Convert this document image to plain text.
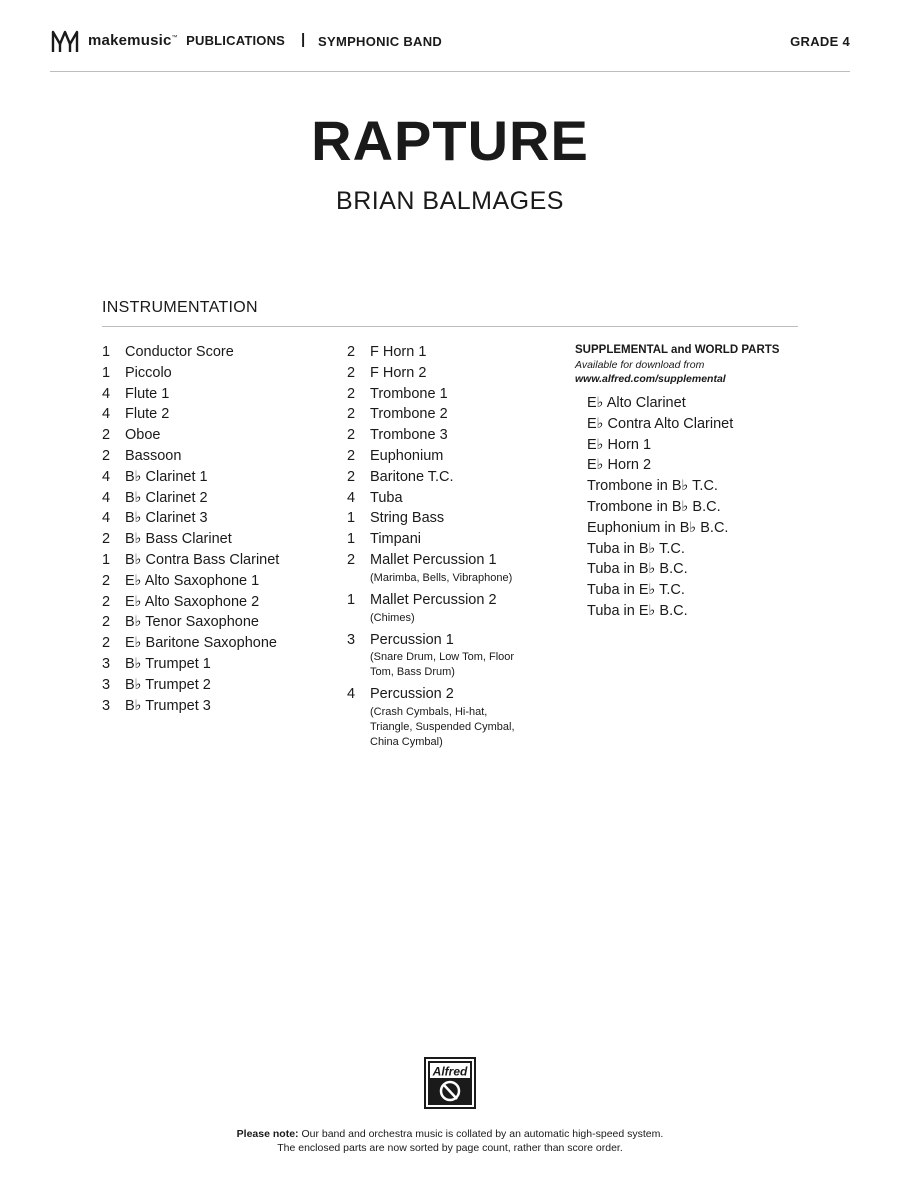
makemusic™ PUBLICATIONS | SYMPHONIC BAND	GRADE 4
RAPTURE
BRIAN BALMAGES
INSTRUMENTATION
1	Conductor Score
1	Piccolo
4	Flute 1
4	Flute 2
2	Oboe
2	Bassoon
4	B♭ Clarinet 1
4	B♭ Clarinet 2
4	B♭ Clarinet 3
2	B♭ Bass Clarinet
1	B♭ Contra Bass Clarinet
2	E♭ Alto Saxophone 1
2	E♭ Alto Saxophone 2
2	B♭ Tenor Saxophone
2	E♭ Baritone Saxophone
3	B♭ Trumpet 1
3	B♭ Trumpet 2
3	B♭ Trumpet 3
2	F Horn 1
2	F Horn 2
2	Trombone 1
2	Trombone 2
2	Trombone 3
2	Euphonium
2	Baritone T.C.
4	Tuba
1	String Bass
1	Timpani
2	Mallet Percussion 1
(Marimba, Bells, Vibraphone)
1	Mallet Percussion 2
(Chimes)
3	Percussion 1
(Snare Drum, Low Tom, Floor Tom, Bass Drum)
4	Percussion 2
(Crash Cymbals, Hi-hat, Triangle, Suspended Cymbal, China Cymbal)
SUPPLEMENTAL and WORLD PARTS
Available for download from
www.alfred.com/supplemental
E♭ Alto Clarinet
E♭ Contra Alto Clarinet
E♭ Horn 1
E♭ Horn 2
Trombone in B♭ T.C.
Trombone in B♭ B.C.
Euphonium in B♭ B.C.
Tuba in B♭ T.C.
Tuba in B♭ B.C.
Tuba in E♭ T.C.
Tuba in E♭ B.C.
Alfred
Please note: Our band and orchestra music is collated by an automatic high-speed system.
The enclosed parts are now sorted by page count, rather than score order.
